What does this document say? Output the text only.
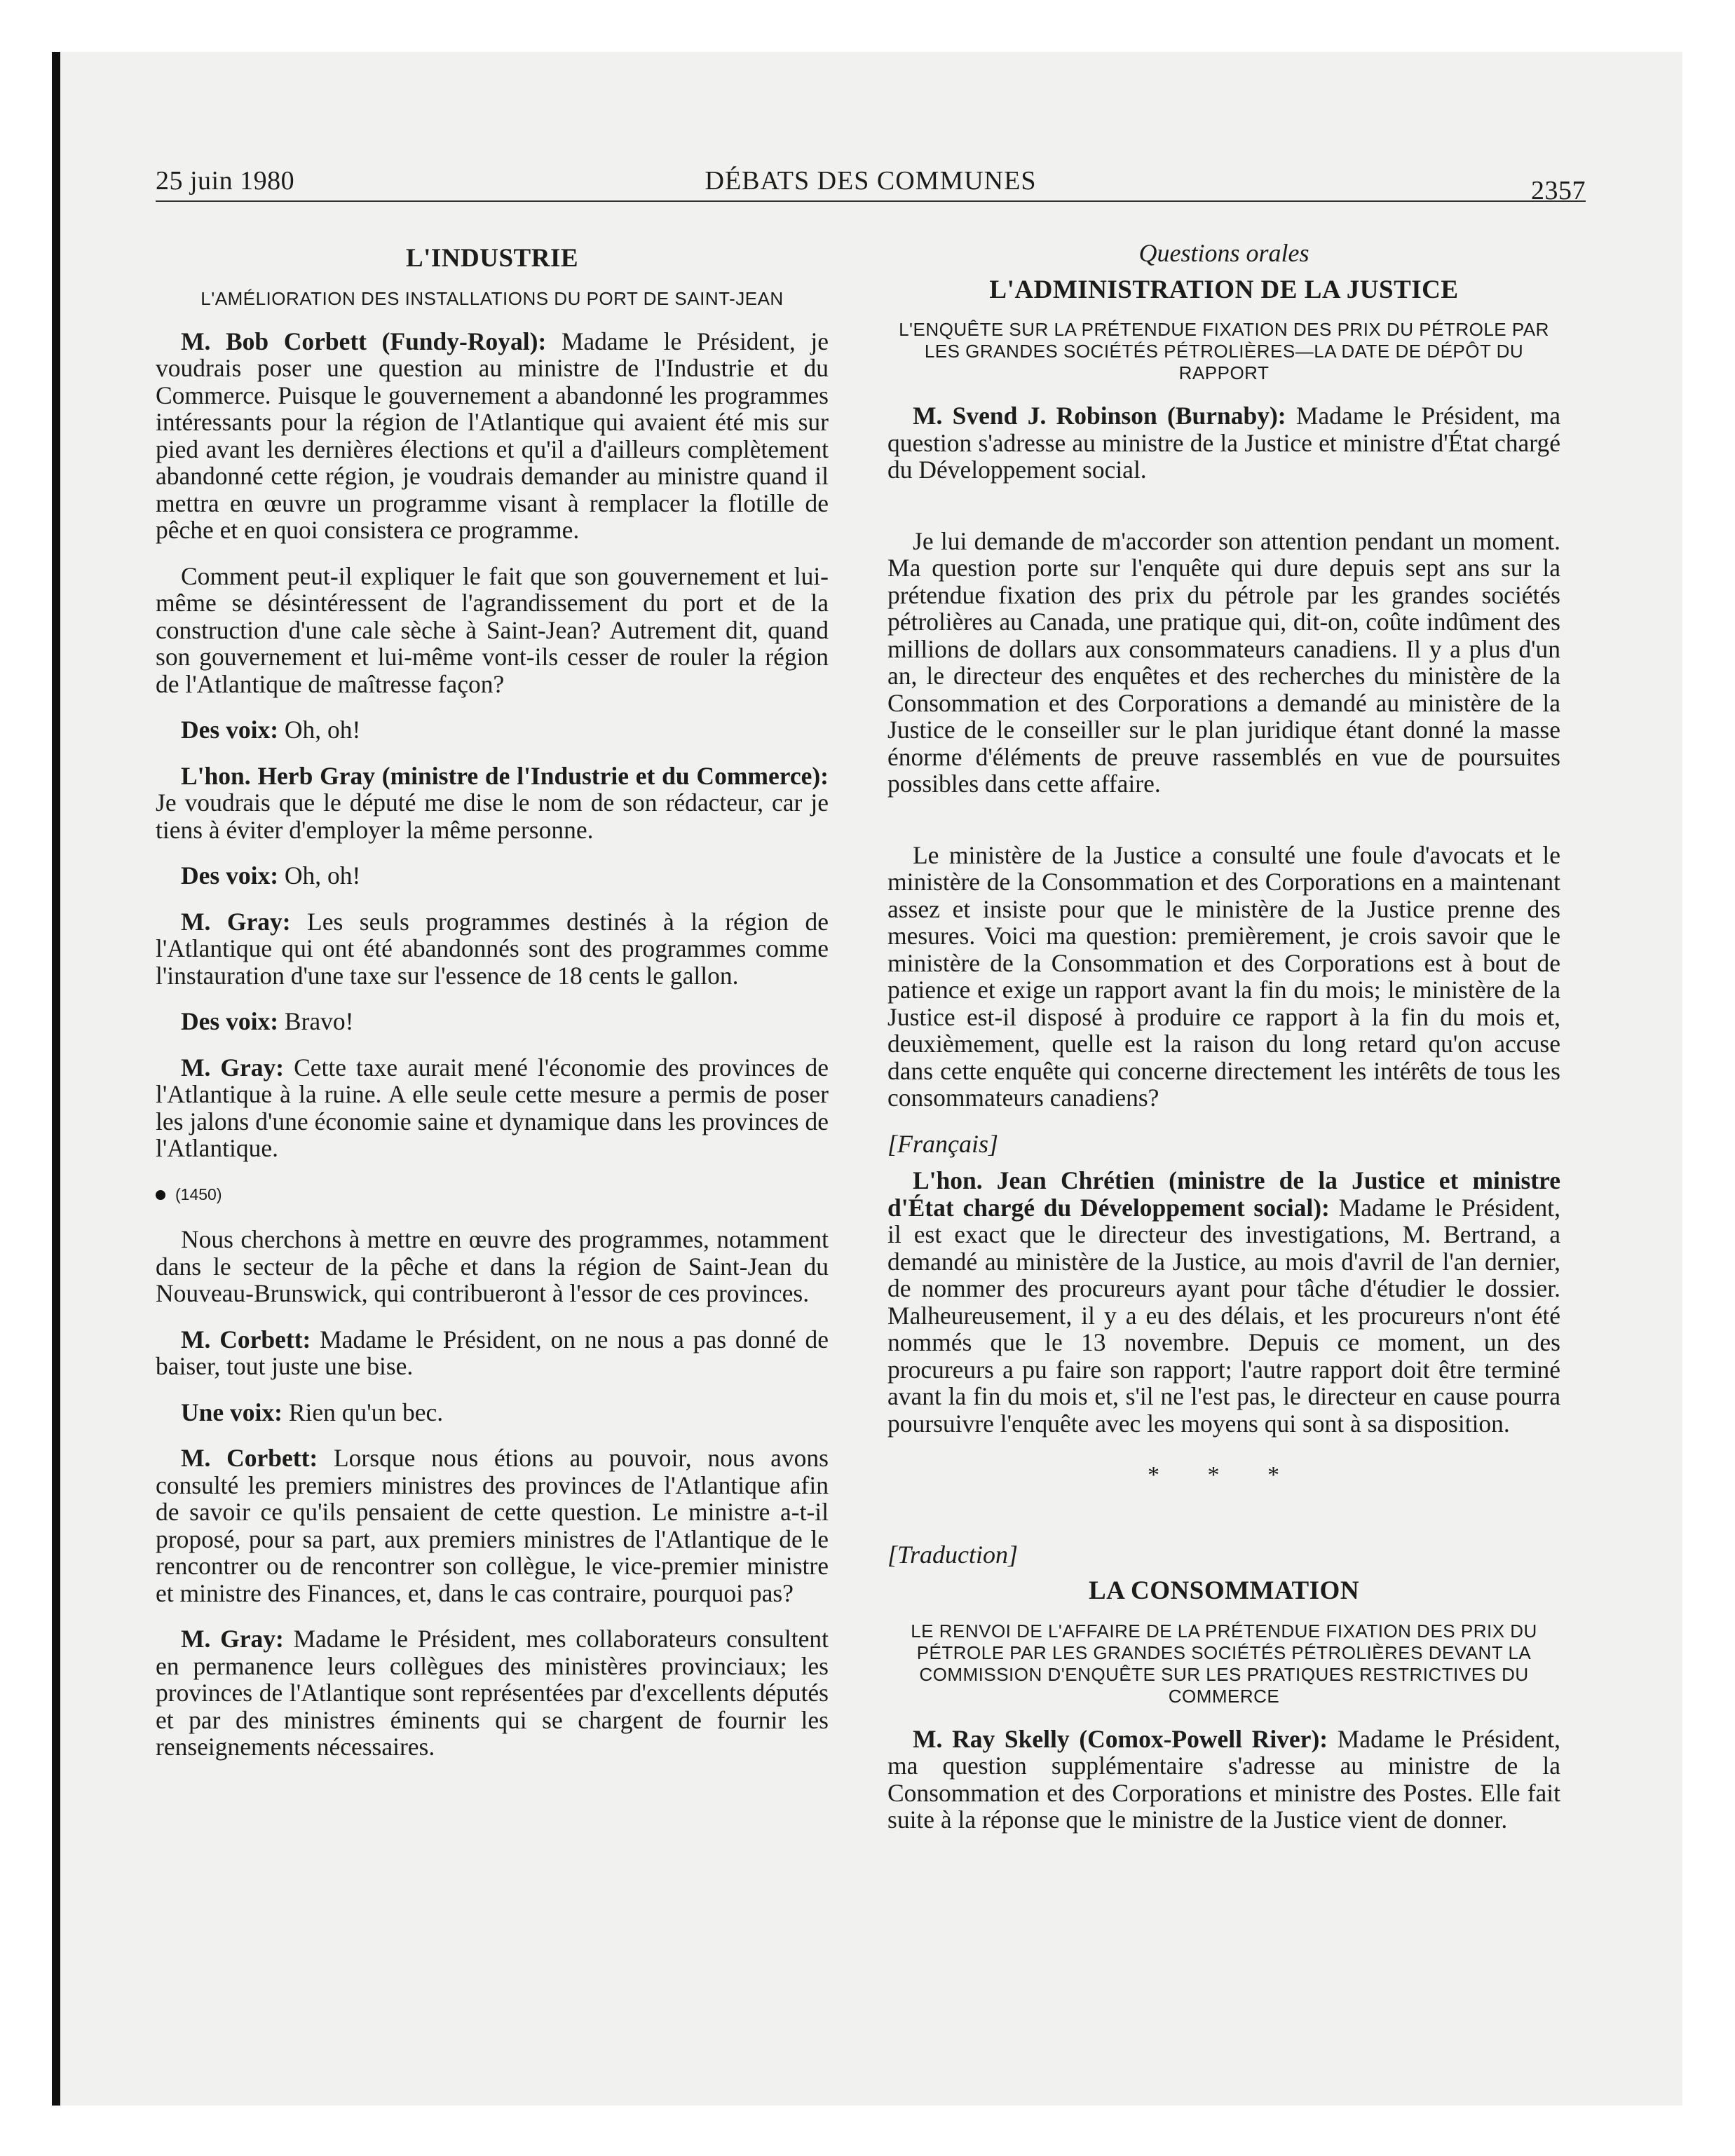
25 juin 1980	DÉBATS DES COMMUNES	2357
L'INDUSTRIE
L'AMÉLIORATION DES INSTALLATIONS DU PORT DE SAINT-JEAN

M. Bob Corbett (Fundy-Royal): Madame le Président, je voudrais poser une question au ministre de l'Industrie et du Commerce. Puisque le gouvernement a abandonné les programmes intéressants pour la région de l'Atlantique qui avaient été mis sur pied avant les dernières élections et qu'il a d'ailleurs complètement abandonné cette région, je voudrais demander au ministre quand il mettra en œuvre un programme visant à remplacer la flotille de pêche et en quoi consistera ce programme.

Comment peut-il expliquer le fait que son gouvernement et lui-même se désintéressent de l'agrandissement du port et de la construction d'une cale sèche à Saint-Jean? Autrement dit, quand son gouvernement et lui-même vont-ils cesser de rouler la région de l'Atlantique de maîtresse façon?

Des voix: Oh, oh!

L'hon. Herb Gray (ministre de l'Industrie et du Commerce): Je voudrais que le député me dise le nom de son rédacteur, car je tiens à éviter d'employer la même personne.

Des voix: Oh, oh!

M. Gray: Les seuls programmes destinés à la région de l'Atlantique qui ont été abandonnés sont des programmes comme l'instauration d'une taxe sur l'essence de 18 cents le gallon.

Des voix: Bravo!

M. Gray: Cette taxe aurait mené l'économie des provinces de l'Atlantique à la ruine. A elle seule cette mesure a permis de poser les jalons d'une économie saine et dynamique dans les provinces de l'Atlantique.

(1450)

Nous cherchons à mettre en œuvre des programmes, notamment dans le secteur de la pêche et dans la région de Saint-Jean du Nouveau-Brunswick, qui contribueront à l'essor de ces provinces.

M. Corbett: Madame le Président, on ne nous a pas donné de baiser, tout juste une bise.

Une voix: Rien qu'un bec.

M. Corbett: Lorsque nous étions au pouvoir, nous avons consulté les premiers ministres des provinces de l'Atlantique afin de savoir ce qu'ils pensaient de cette question. Le ministre a-t-il proposé, pour sa part, aux premiers ministres de l'Atlantique de le rencontrer ou de rencontrer son collègue, le vice-premier ministre et ministre des Finances, et, dans le cas contraire, pourquoi pas?

M. Gray: Madame le Président, mes collaborateurs consultent en permanence leurs collègues des ministères provinciaux; les provinces de l'Atlantique sont représentées par d'excellents députés et par des ministres éminents qui se chargent de fournir les renseignements nécessaires.

Questions orales
L'ADMINISTRATION DE LA JUSTICE
L'ENQUÊTE SUR LA PRÉTENDUE FIXATION DES PRIX DU PÉTROLE PAR LES GRANDES SOCIÉTÉS PÉTROLIÈRES—LA DATE DE DÉPÔT DU RAPPORT

M. Svend J. Robinson (Burnaby): Madame le Président, ma question s'adresse au ministre de la Justice et ministre d'État chargé du Développement social.

Je lui demande de m'accorder son attention pendant un moment. Ma question porte sur l'enquête qui dure depuis sept ans sur la prétendue fixation des prix du pétrole par les grandes sociétés pétrolières au Canada, une pratique qui, dit-on, coûte indûment des millions de dollars aux consommateurs canadiens. Il y a plus d'un an, le directeur des enquêtes et des recherches du ministère de la Consommation et des Corporations a demandé au ministère de la Justice de le conseiller sur le plan juridique étant donné la masse énorme d'éléments de preuve rassemblés en vue de poursuites possibles dans cette affaire.

Le ministère de la Justice a consulté une foule d'avocats et le ministère de la Consommation et des Corporations en a maintenant assez et insiste pour que le ministère de la Justice prenne des mesures. Voici ma question: premièrement, je crois savoir que le ministère de la Consommation et des Corporations est à bout de patience et exige un rapport avant la fin du mois; le ministère de la Justice est-il disposé à produire ce rapport à la fin du mois et, deuxièmement, quelle est la raison du long retard qu'on accuse dans cette enquête qui concerne directement les intérêts de tous les consommateurs canadiens?

[Français]

L'hon. Jean Chrétien (ministre de la Justice et ministre d'État chargé du Développement social): Madame le Président, il est exact que le directeur des investigations, M. Bertrand, a demandé au ministère de la Justice, au mois d'avril de l'an dernier, de nommer des procureurs ayant pour tâche d'étudier le dossier. Malheureusement, il y a eu des délais, et les procureurs n'ont été nommés que le 13 novembre. Depuis ce moment, un des procureurs a pu faire son rapport; l'autre rapport doit être terminé avant la fin du mois et, s'il ne l'est pas, le directeur en cause pourra poursuivre l'enquête avec les moyens qui sont à sa disposition.

* * *
[Traduction]
LA CONSOMMATION
LE RENVOI DE L'AFFAIRE DE LA PRÉTENDUE FIXATION DES PRIX DU PÉTROLE PAR LES GRANDES SOCIÉTÉS PÉTROLIÈRES DEVANT LA COMMISSION D'ENQUÊTE SUR LES PRATIQUES RESTRICTIVES DU COMMERCE

M. Ray Skelly (Comox-Powell River): Madame le Président, ma question supplémentaire s'adresse au ministre de la Consommation et des Corporations et ministre des Postes. Elle fait suite à la réponse que le ministre de la Justice vient de donner.
